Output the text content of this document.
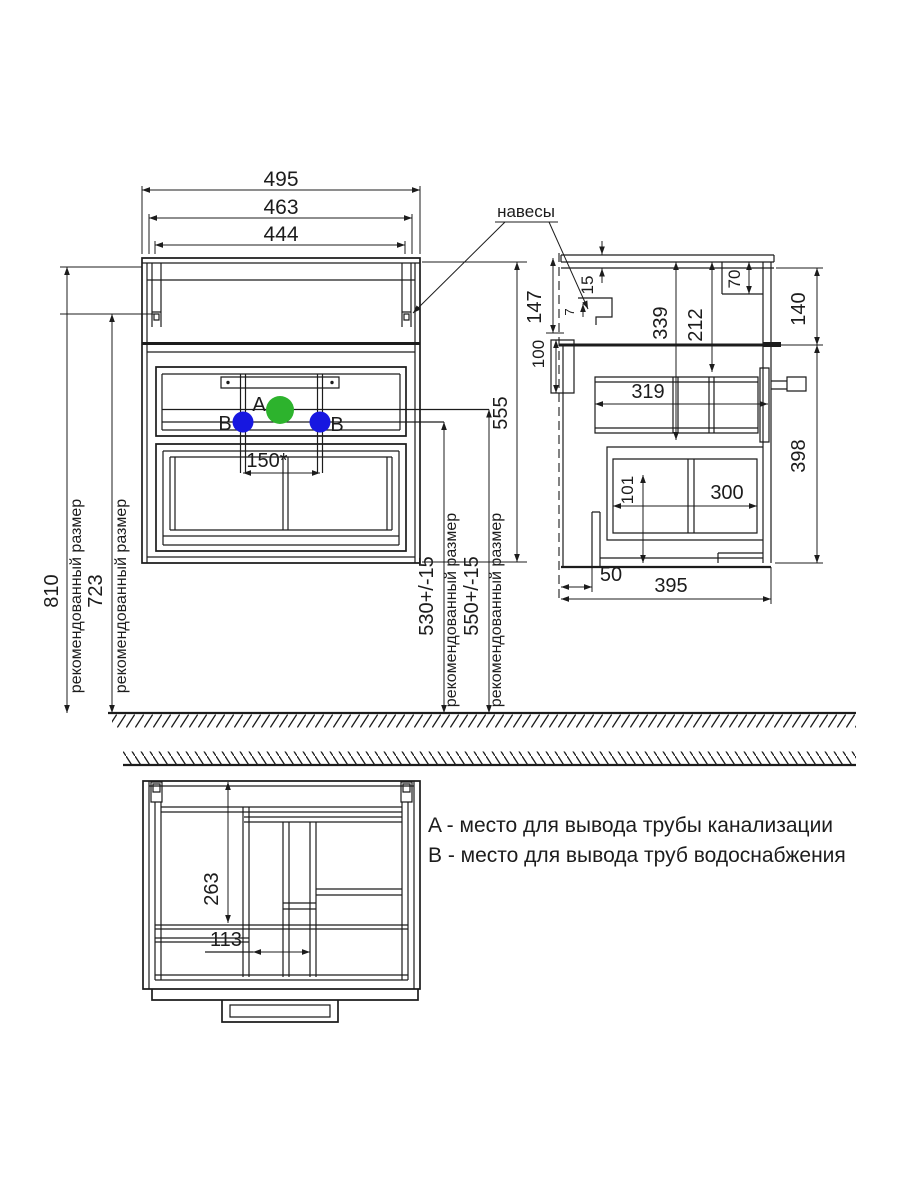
A
B	B
495
463
444
навесы
150*
810 рекомендованный размер 723 рекомендованный размер	530+/-15 рекомендованный размер 550+/-15 рекомендованный размер
555
15
7
147
100
70
140
212
339
319
398
101	300
50 395
263
113
A - место для вывода трубы канализации
B - место для вывода труб водоснабжения
